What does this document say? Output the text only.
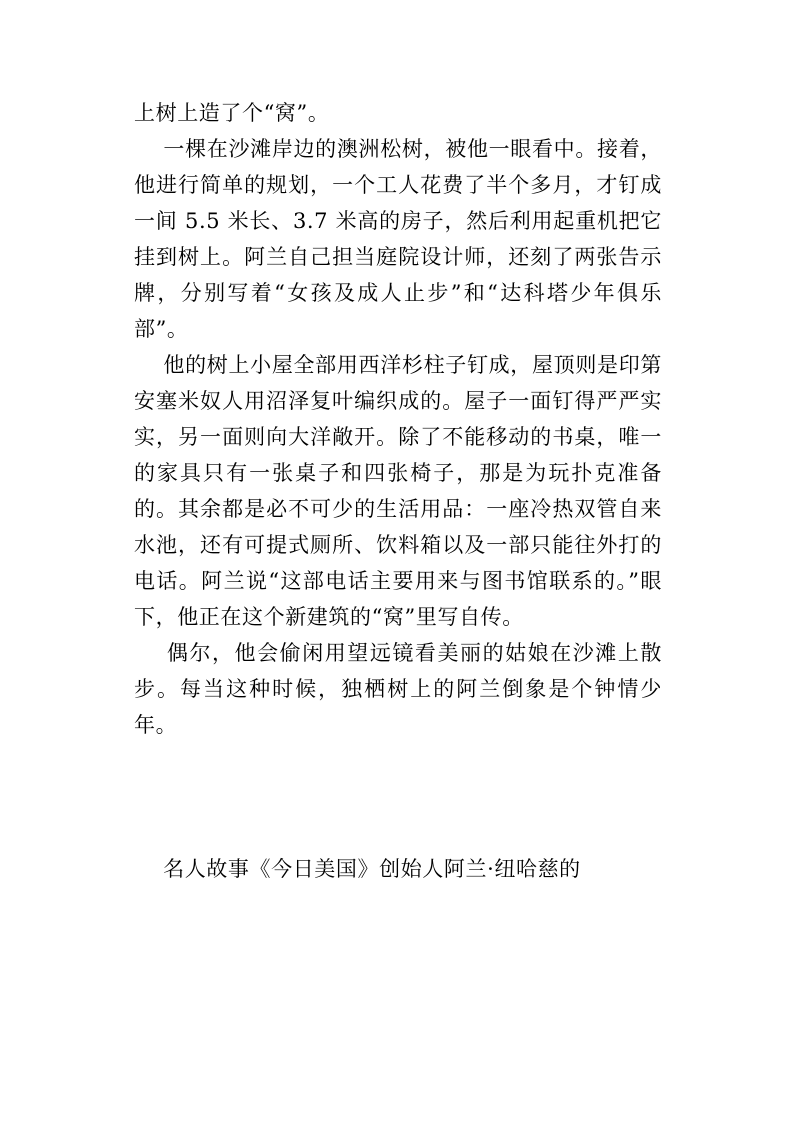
上树上造了个“窝”。

一棵在沙滩岸边的澳洲松树，被他一眼看中。接着，他进行简单的规划，一个工人花费了半个多月，才钉成一间 5.5 米长、3.7 米高的房子，然后利用起重机把它挂到树上。阿兰自己担当庭院设计师，还刻了两张告示牌，分别写着“女孩及成人止步”和“达科塔少年俱乐部”。

他的树上小屋全部用西洋杉柱子钉成，屋顶则是印第安塞米奴人用沼泽复叶编织成的。屋子一面钉得严严实实，另一面则向大洋敞开。除了不能移动的书桌，唯一的家具只有一张桌子和四张椅子，那是为玩扑克准备的。其余都是必不可少的生活用品：一座冷热双管自来水池，还有可提式厕所、饮料箱以及一部只能往外打的电话。阿兰说“这部电话主要用来与图书馆联系的。”眼下，他正在这个新建筑的“窝”里写自传。

偶尔，他会偷闲用望远镜看美丽的姑娘在沙滩上散步。每当这种时候，独栖树上的阿兰倒象是个钟情少年。

名人故事《今日美国》创始人阿兰·纽哈慈的
